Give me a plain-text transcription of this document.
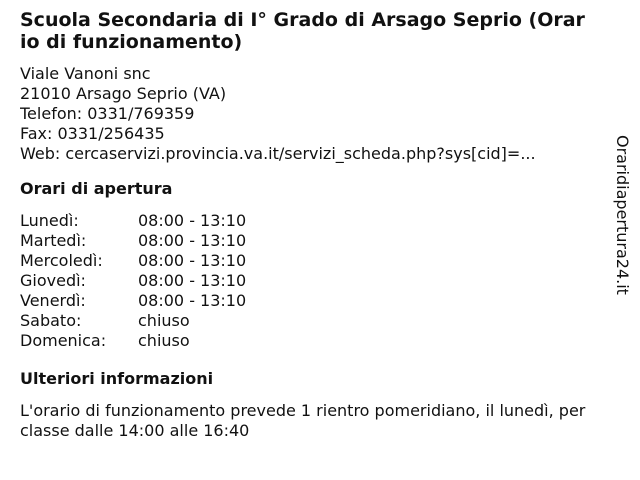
Scuola Secondaria di I° Grado di Arsago Seprio (Orario di funzionamento)
Viale Vanoni snc
21010 Arsago Seprio (VA)
Telefon: 0331/769359
Fax: 0331/256435
Web: cercaservizi.provincia.va.it/servizi_scheda.php?sys[cid]=...
Orari di apertura
Lunedì:	08:00 - 13:10
Martedì:	08:00 - 13:10
Mercoledì:	08:00 - 13:10
Giovedì:	08:00 - 13:10
Venerdì:	08:00 - 13:10
Sabato:	chiuso
Domenica:	chiuso
Ulteriori informazioni
L'orario di funzionamento prevede 1 rientro pomeridiano, il lunedì, per classe dalle 14:00 alle 16:40
Oraridiapertura24.it
